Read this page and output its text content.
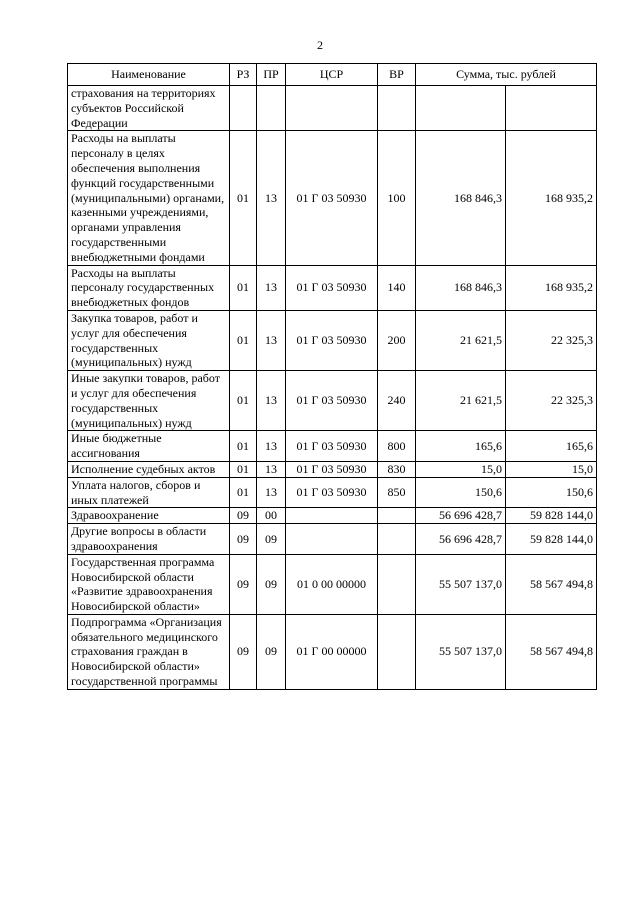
2
Наименование	РЗ	ПР	ЦСР	ВР	Сумма, тыс. рублей	
страхования на территориях субъектов Российской Федерации						
Расходы на выплаты персоналу в целях обеспечения выполнения функций государственными (муниципальными) органами, казенными учреждениями, органами управления государственными внебюджетными фондами	01	13	01 Г 03 50930	100	168 846,3	168 935,2
Расходы на выплаты персоналу государственных внебюджетных фондов	01	13	01 Г 03 50930	140	168 846,3	168 935,2
Закупка товаров, работ и услуг для обеспечения государственных (муниципальных) нужд	01	13	01 Г 03 50930	200	21 621,5	22 325,3
Иные закупки товаров, работ и услуг для обеспечения государственных (муниципальных) нужд	01	13	01 Г 03 50930	240	21 621,5	22 325,3
Иные бюджетные ассигнования	01	13	01 Г 03 50930	800	165,6	165,6
Исполнение судебных актов	01	13	01 Г 03 50930	830	15,0	15,0
Уплата налогов, сборов и иных платежей	01	13	01 Г 03 50930	850	150,6	150,6
Здравоохранение	09	00			56 696 428,7	59 828 144,0
Другие вопросы в области здравоохранения	09	09			56 696 428,7	59 828 144,0
Государственная программа Новосибирской области «Развитие здравоохранения Новосибирской области»	09	09	01 0 00 00000		55 507 137,0	58 567 494,8
Подпрограмма «Организация обязательного медицинского страхования граждан в Новосибирской области» государственной программы	09	09	01 Г 00 00000		55 507 137,0	58 567 494,8
